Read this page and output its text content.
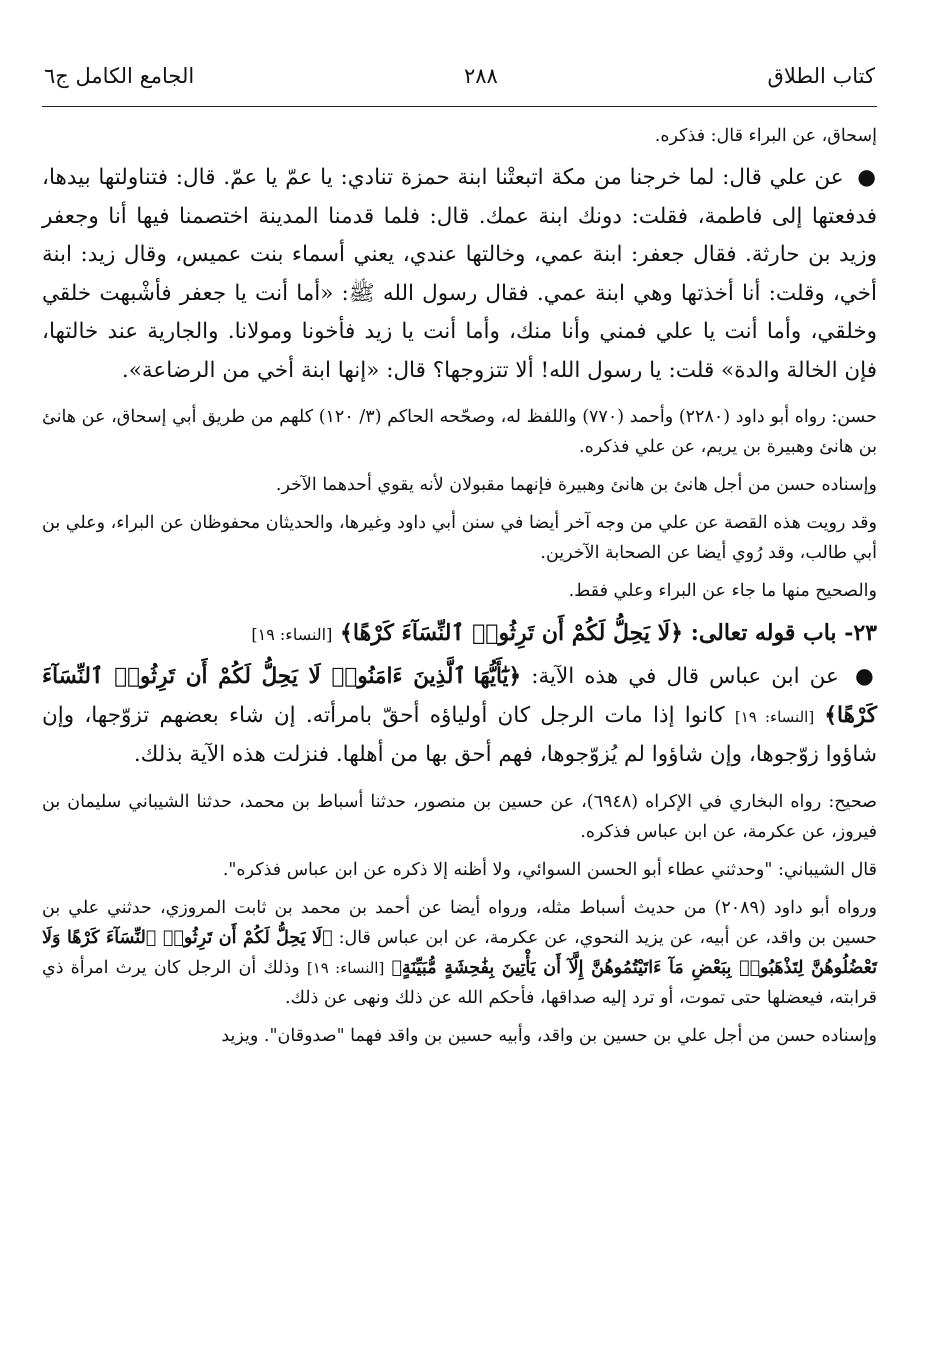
كتاب الطلاق
٢٨٨
الجامع الكامل ج٦

إسحاق، عن البراء قال: فذكره.

● عن علي قال: لما خرجنا من مكة اتبعتْنا ابنة حمزة تنادي: يا عمّ يا عمّ. قال: فتناولتها بيدها، فدفعتها إلى فاطمة، فقلت: دونك ابنة عمك. قال: فلما قدمنا المدينة اختصمنا فيها أنا وجعفر وزيد بن حارثة. فقال جعفر: ابنة عمي، وخالتها عندي، يعني أسماء بنت عميس، وقال زيد: ابنة أخي، وقلت: أنا أخذتها وهي ابنة عمي. فقال رسول الله ﷺ: «أما أنت يا جعفر فأشْبهت خلقي وخلقي، وأما أنت يا علي فمني وأنا منك، وأما أنت يا زيد فأخونا ومولانا. والجارية عند خالتها، فإن الخالة والدة» قلت: يا رسول الله! ألا تتزوجها؟ قال: «إنها ابنة أخي من الرضاعة».

حسن: رواه أبو داود (٢٢٨٠) وأحمد (٧٧٠) واللفظ له، وصحّحه الحاكم (٣/ ١٢٠) كلهم من طريق أبي إسحاق، عن هانئ بن هانئ وهبيرة بن يريم، عن علي فذكره.

وإسناده حسن من أجل هانئ بن هانئ وهبيرة فإنهما مقبولان لأنه يقوي أحدهما الآخر.

وقد رويت هذه القصة عن علي من وجه آخر أيضا في سنن أبي داود وغيرها، والحديثان محفوظان عن البراء، وعلي بن أبي طالب، وقد رُوي أيضا عن الصحابة الآخرين.

والصحيح منها ما جاء عن البراء وعلي فقط.

٢٣- باب قوله تعالى: ﴿لَا يَحِلُّ لَكُمْ أَن تَرِثُوا۟ ٱلنِّسَآءَ كَرْهًا﴾ [النساء: ١٩]

● عن ابن عباس قال في هذه الآية: ﴿يَٰٓأَيُّهَا ٱلَّذِينَ ءَامَنُوا۟ لَا يَحِلُّ لَكُمْ أَن تَرِثُوا۟ ٱلنِّسَآءَ كَرْهًا﴾ [النساء: ١٩] كانوا إذا مات الرجل كان أولياؤه أحقّ بامرأته. إن شاء بعضهم تزوّجها، وإن شاؤوا زوّجوها، وإن شاؤوا لم يُزوّجوها، فهم أحق بها من أهلها. فنزلت هذه الآية بذلك.

صحيح: رواه البخاري في الإكراه (٦٩٤٨)، عن حسين بن منصور، حدثنا أسباط بن محمد، حدثنا الشيباني سليمان بن فيروز، عن عكرمة، عن ابن عباس فذكره.

قال الشيباني: "وحدثني عطاء أبو الحسن السوائي، ولا أظنه إلا ذكره عن ابن عباس فذكره".

ورواه أبو داود (٢٠٨٩) من حديث أسباط مثله، ورواه أيضا عن أحمد بن محمد بن ثابت المروزي، حدثني علي بن حسين بن واقد، عن أبيه، عن يزيد النحوي، عن عكرمة، عن ابن عباس قال: ﴿لَا يَحِلُّ لَكُمْ أَن تَرِثُوا۟ ٱلنِّسَآءَ كَرْهًا وَلَا تَعْضُلُوهُنَّ لِتَذْهَبُوا۟ بِبَعْضِ مَآ ءَاتَيْتُمُوهُنَّ إِلَّآ أَن يَأْتِينَ بِفَٰحِشَةٍ مُّبَيِّنَةٍ﴾ [النساء: ١٩] وذلك أن الرجل كان يرث امرأة ذي قرابته، فيعضلها حتى تموت، أو ترد إليه صداقها، فأحكم الله عن ذلك ونهى عن ذلك.

وإسناده حسن من أجل علي بن حسين بن واقد، وأبيه حسين بن واقد فهما "صدوقان". ويزيد
